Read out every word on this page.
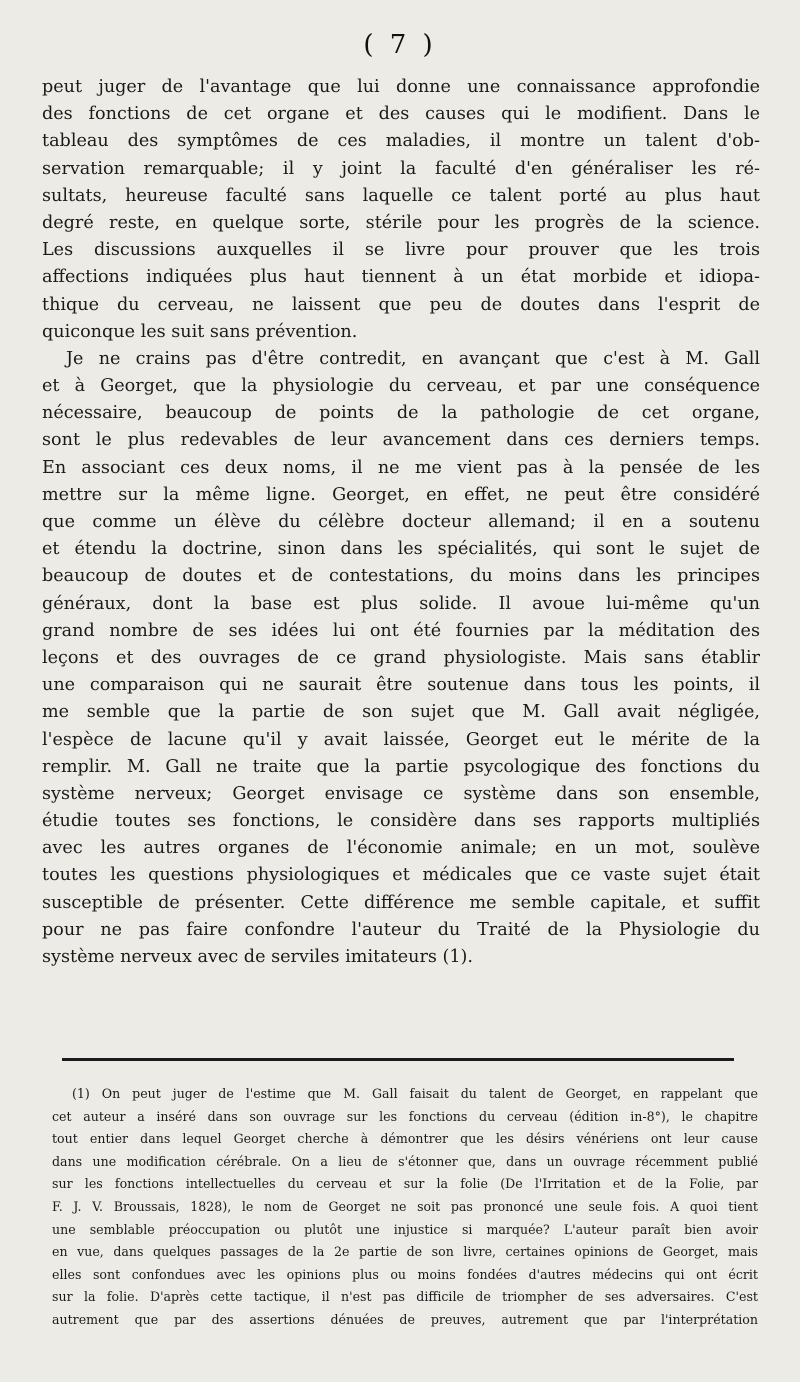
( 7 )
peut juger de l'avantage que lui donne une connaissance approfondie
des fonctions de cet organe et des causes qui le modifient. Dans le
tableau des symptômes de ces maladies, il montre un talent d'ob-
servation remarquable; il y joint la faculté d'en généraliser les ré-
sultats, heureuse faculté sans laquelle ce talent porté au plus haut
degré reste, en quelque sorte, stérile pour les progrès de la science.
Les discussions auxquelles il se livre pour prouver que les trois
affections indiquées plus haut tiennent à un état morbide et idiopa-
thique du cerveau, ne laissent que peu de doutes dans l'esprit de
quiconque les suit sans prévention.
Je ne crains pas d'être contredit, en avançant que c'est à M. Gall
et à Georget, que la physiologie du cerveau, et par une conséquence
nécessaire, beaucoup de points de la pathologie de cet organe,
sont le plus redevables de leur avancement dans ces derniers temps.
En associant ces deux noms, il ne me vient pas à la pensée de les
mettre sur la même ligne. Georget, en effet, ne peut être considéré
que comme un élève du célèbre docteur allemand; il en a soutenu
et étendu la doctrine, sinon dans les spécialités, qui sont le sujet de
beaucoup de doutes et de contestations, du moins dans les principes
généraux, dont la base est plus solide. Il avoue lui-même qu'un
grand nombre de ses idées lui ont été fournies par la méditation des
leçons et des ouvrages de ce grand physiologiste. Mais sans établir
une comparaison qui ne saurait être soutenue dans tous les points, il
me semble que la partie de son sujet que M. Gall avait négligée,
l'espèce de lacune qu'il y avait laissée, Georget eut le mérite de la
remplir. M. Gall ne traite que la partie psycologique des fonctions du
système nerveux; Georget envisage ce système dans son ensemble,
étudie toutes ses fonctions, le considère dans ses rapports multipliés
avec les autres organes de l'économie animale; en un mot, soulève
toutes les questions physiologiques et médicales que ce vaste sujet était
susceptible de présenter. Cette différence me semble capitale, et suffit
pour ne pas faire confondre l'auteur du Traité de la Physiologie du
système nerveux avec de serviles imitateurs (1).
(1) On peut juger de l'estime que M. Gall faisait du talent de Georget, en rappelant que
cet auteur a inséré dans son ouvrage sur les fonctions du cerveau (édition in-8°), le chapitre
tout entier dans lequel Georget cherche à démontrer que les désirs vénériens ont leur cause
dans une modification cérébrale. On a lieu de s'étonner que, dans un ouvrage récemment publié
sur les fonctions intellectuelles du cerveau et sur la folie (De l'Irritation et de la Folie, par
F. J. V. Broussais, 1828), le nom de Georget ne soit pas prononcé une seule fois. A quoi tient
une semblable préoccupation ou plutôt une injustice si marquée? L'auteur paraît bien avoir
en vue, dans quelques passages de la 2e partie de son livre, certaines opinions de Georget, mais
elles sont confondues avec les opinions plus ou moins fondées d'autres médecins qui ont écrit
sur la folie. D'après cette tactique, il n'est pas difficile de triompher de ses adversaires. C'est
autrement que par des assertions dénuées de preuves, autrement que par l'interprétation
